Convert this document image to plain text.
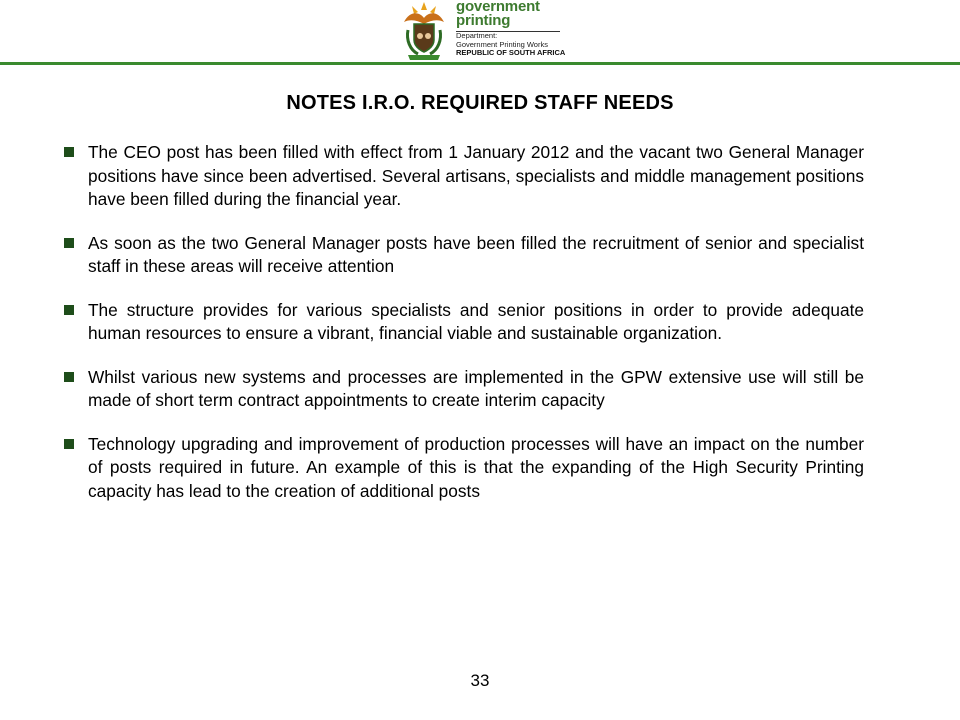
government
printing
Department:
Government Printing Works
REPUBLIC OF SOUTH AFRICA
NOTES I.R.O. REQUIRED STAFF NEEDS
The CEO post has been filled with effect from 1 January 2012 and the vacant two General Manager positions have since been advertised. Several artisans, specialists and middle management positions have been filled during the financial year.
As soon as the two General Manager posts have been filled the recruitment of senior and specialist staff in these areas will receive attention
The structure provides for various specialists and senior positions in order to provide adequate human resources to ensure a vibrant, financial viable and sustainable organization.
Whilst various new systems and processes are implemented in the GPW extensive use will still be made of short term contract appointments to create interim capacity
Technology upgrading and improvement of production processes will have an impact on the number of posts required in future. An example of this is that the expanding of the High Security Printing capacity has lead to the creation of additional posts
33
